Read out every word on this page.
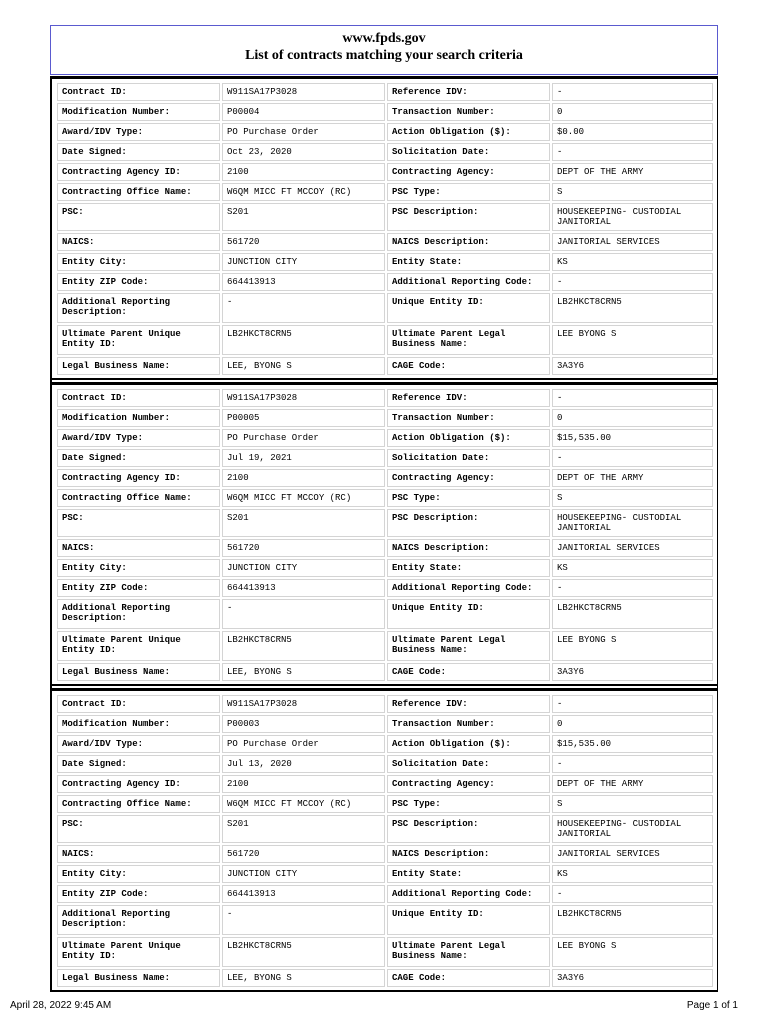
www.fpds.gov
List of contracts matching your search criteria
Contract ID:	W911SA17P3028	Reference IDV:	-
Modification Number:	P00004	Transaction Number:	0
Award/IDV Type:	PO Purchase Order	Action Obligation ($):	$0.00
Date Signed:	Oct 23, 2020	Solicitation Date:	-
Contracting Agency ID:	2100	Contracting Agency:	DEPT OF THE ARMY
Contracting Office Name:	W6QM MICC FT MCCOY (RC)	PSC Type:	S
PSC:	S201	PSC Description:	HOUSEKEEPING- CUSTODIAL JANITORIAL
NAICS:	561720	NAICS Description:	JANITORIAL SERVICES
Entity City:	JUNCTION CITY	Entity State:	KS
Entity ZIP Code:	664413913	Additional Reporting Code:	-
Additional Reporting Description:	-	Unique Entity ID:	LB2HKCT8CRN5
Ultimate Parent Unique Entity ID:	LB2HKCT8CRN5	Ultimate Parent Legal Business Name:	LEE BYONG S
Legal Business Name:	LEE, BYONG S	CAGE Code:	3A3Y6
Contract ID:	W911SA17P3028	Reference IDV:	-
Modification Number:	P00005	Transaction Number:	0
Award/IDV Type:	PO Purchase Order	Action Obligation ($):	$15,535.00
Date Signed:	Jul 19, 2021	Solicitation Date:	-
Contracting Agency ID:	2100	Contracting Agency:	DEPT OF THE ARMY
Contracting Office Name:	W6QM MICC FT MCCOY (RC)	PSC Type:	S
PSC:	S201	PSC Description:	HOUSEKEEPING- CUSTODIAL JANITORIAL
NAICS:	561720	NAICS Description:	JANITORIAL SERVICES
Entity City:	JUNCTION CITY	Entity State:	KS
Entity ZIP Code:	664413913	Additional Reporting Code:	-
Additional Reporting Description:	-	Unique Entity ID:	LB2HKCT8CRN5
Ultimate Parent Unique Entity ID:	LB2HKCT8CRN5	Ultimate Parent Legal Business Name:	LEE BYONG S
Legal Business Name:	LEE, BYONG S	CAGE Code:	3A3Y6
Contract ID:	W911SA17P3028	Reference IDV:	-
Modification Number:	P00003	Transaction Number:	0
Award/IDV Type:	PO Purchase Order	Action Obligation ($):	$15,535.00
Date Signed:	Jul 13, 2020	Solicitation Date:	-
Contracting Agency ID:	2100	Contracting Agency:	DEPT OF THE ARMY
Contracting Office Name:	W6QM MICC FT MCCOY (RC)	PSC Type:	S
PSC:	S201	PSC Description:	HOUSEKEEPING- CUSTODIAL JANITORIAL
NAICS:	561720	NAICS Description:	JANITORIAL SERVICES
Entity City:	JUNCTION CITY	Entity State:	KS
Entity ZIP Code:	664413913	Additional Reporting Code:	-
Additional Reporting Description:	-	Unique Entity ID:	LB2HKCT8CRN5
Ultimate Parent Unique Entity ID:	LB2HKCT8CRN5	Ultimate Parent Legal Business Name:	LEE BYONG S
Legal Business Name:	LEE, BYONG S	CAGE Code:	3A3Y6
April 28, 2022 9:45 AM	Page 1 of 1
